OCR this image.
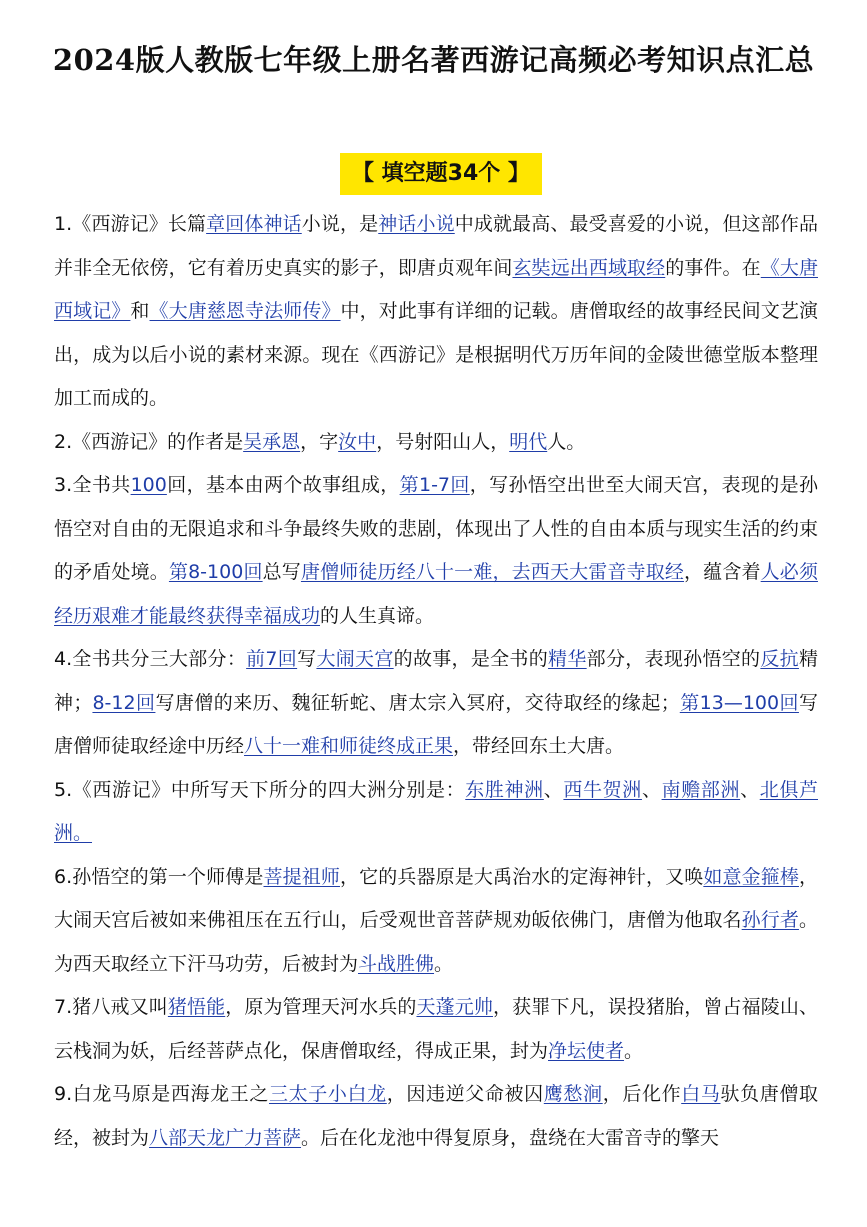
2024版人教版七年级上册名著西游记高频必考知识点汇总
【 填空题34个 】

1.《西游记》长篇章回体神话小说，是神话小说中成就最高、最受喜爱的小说，但这部作品并非全无依傍，它有着历史真实的影子，即唐贞观年间玄奘远出西域取经的事件。在《大唐西域记》和《大唐慈恩寺法师传》中，对此事有详细的记载。唐僧取经的故事经民间文艺演出，成为以后小说的素材来源。现在《西游记》是根据明代万历年间的金陵世德堂版本整理加工而成的。

2.《西游记》的作者是吴承恩，字汝中，号射阳山人，明代人。

3.全书共100回，基本由两个故事组成，第1-7回，写孙悟空出世至大闹天宫，表现的是孙悟空对自由的无限追求和斗争最终失败的悲剧，体现出了人性的自由本质与现实生活的约束的矛盾处境。第8-100回总写唐僧师徒历经八十一难，去西天大雷音寺取经，蕴含着人必须经历艰难才能最终获得幸福成功的人生真谛。

4.全书共分三大部分：前7回写大闹天宫的故事，是全书的精华部分，表现孙悟空的反抗精神；8-12回写唐僧的来历、魏征斩蛇、唐太宗入冥府，交待取经的缘起；第13—100回写唐僧师徒取经途中历经八十一难和师徒终成正果，带经回东土大唐。

5.《西游记》中所写天下所分的四大洲分别是：东胜神洲、西牛贺洲、南赡部洲、北俱芦洲。

6.孙悟空的第一个师傅是菩提祖师，它的兵器原是大禹治水的定海神针，又唤如意金箍棒，大闹天宫后被如来佛祖压在五行山，后受观世音菩萨规劝皈依佛门，唐僧为他取名孙行者。为西天取经立下汗马功劳，后被封为斗战胜佛。

7.猪八戒又叫猪悟能，原为管理天河水兵的天蓬元帅，获罪下凡，误投猪胎，曾占福陵山、云栈洞为妖，后经菩萨点化，保唐僧取经，得成正果，封为净坛使者。

9.白龙马原是西海龙王之三太子小白龙，因违逆父命被囚鹰愁涧，后化作白马驮负唐僧取经，被封为八部天龙广力菩萨。后在化龙池中得复原身，盘绕在大雷音寺的擎天
